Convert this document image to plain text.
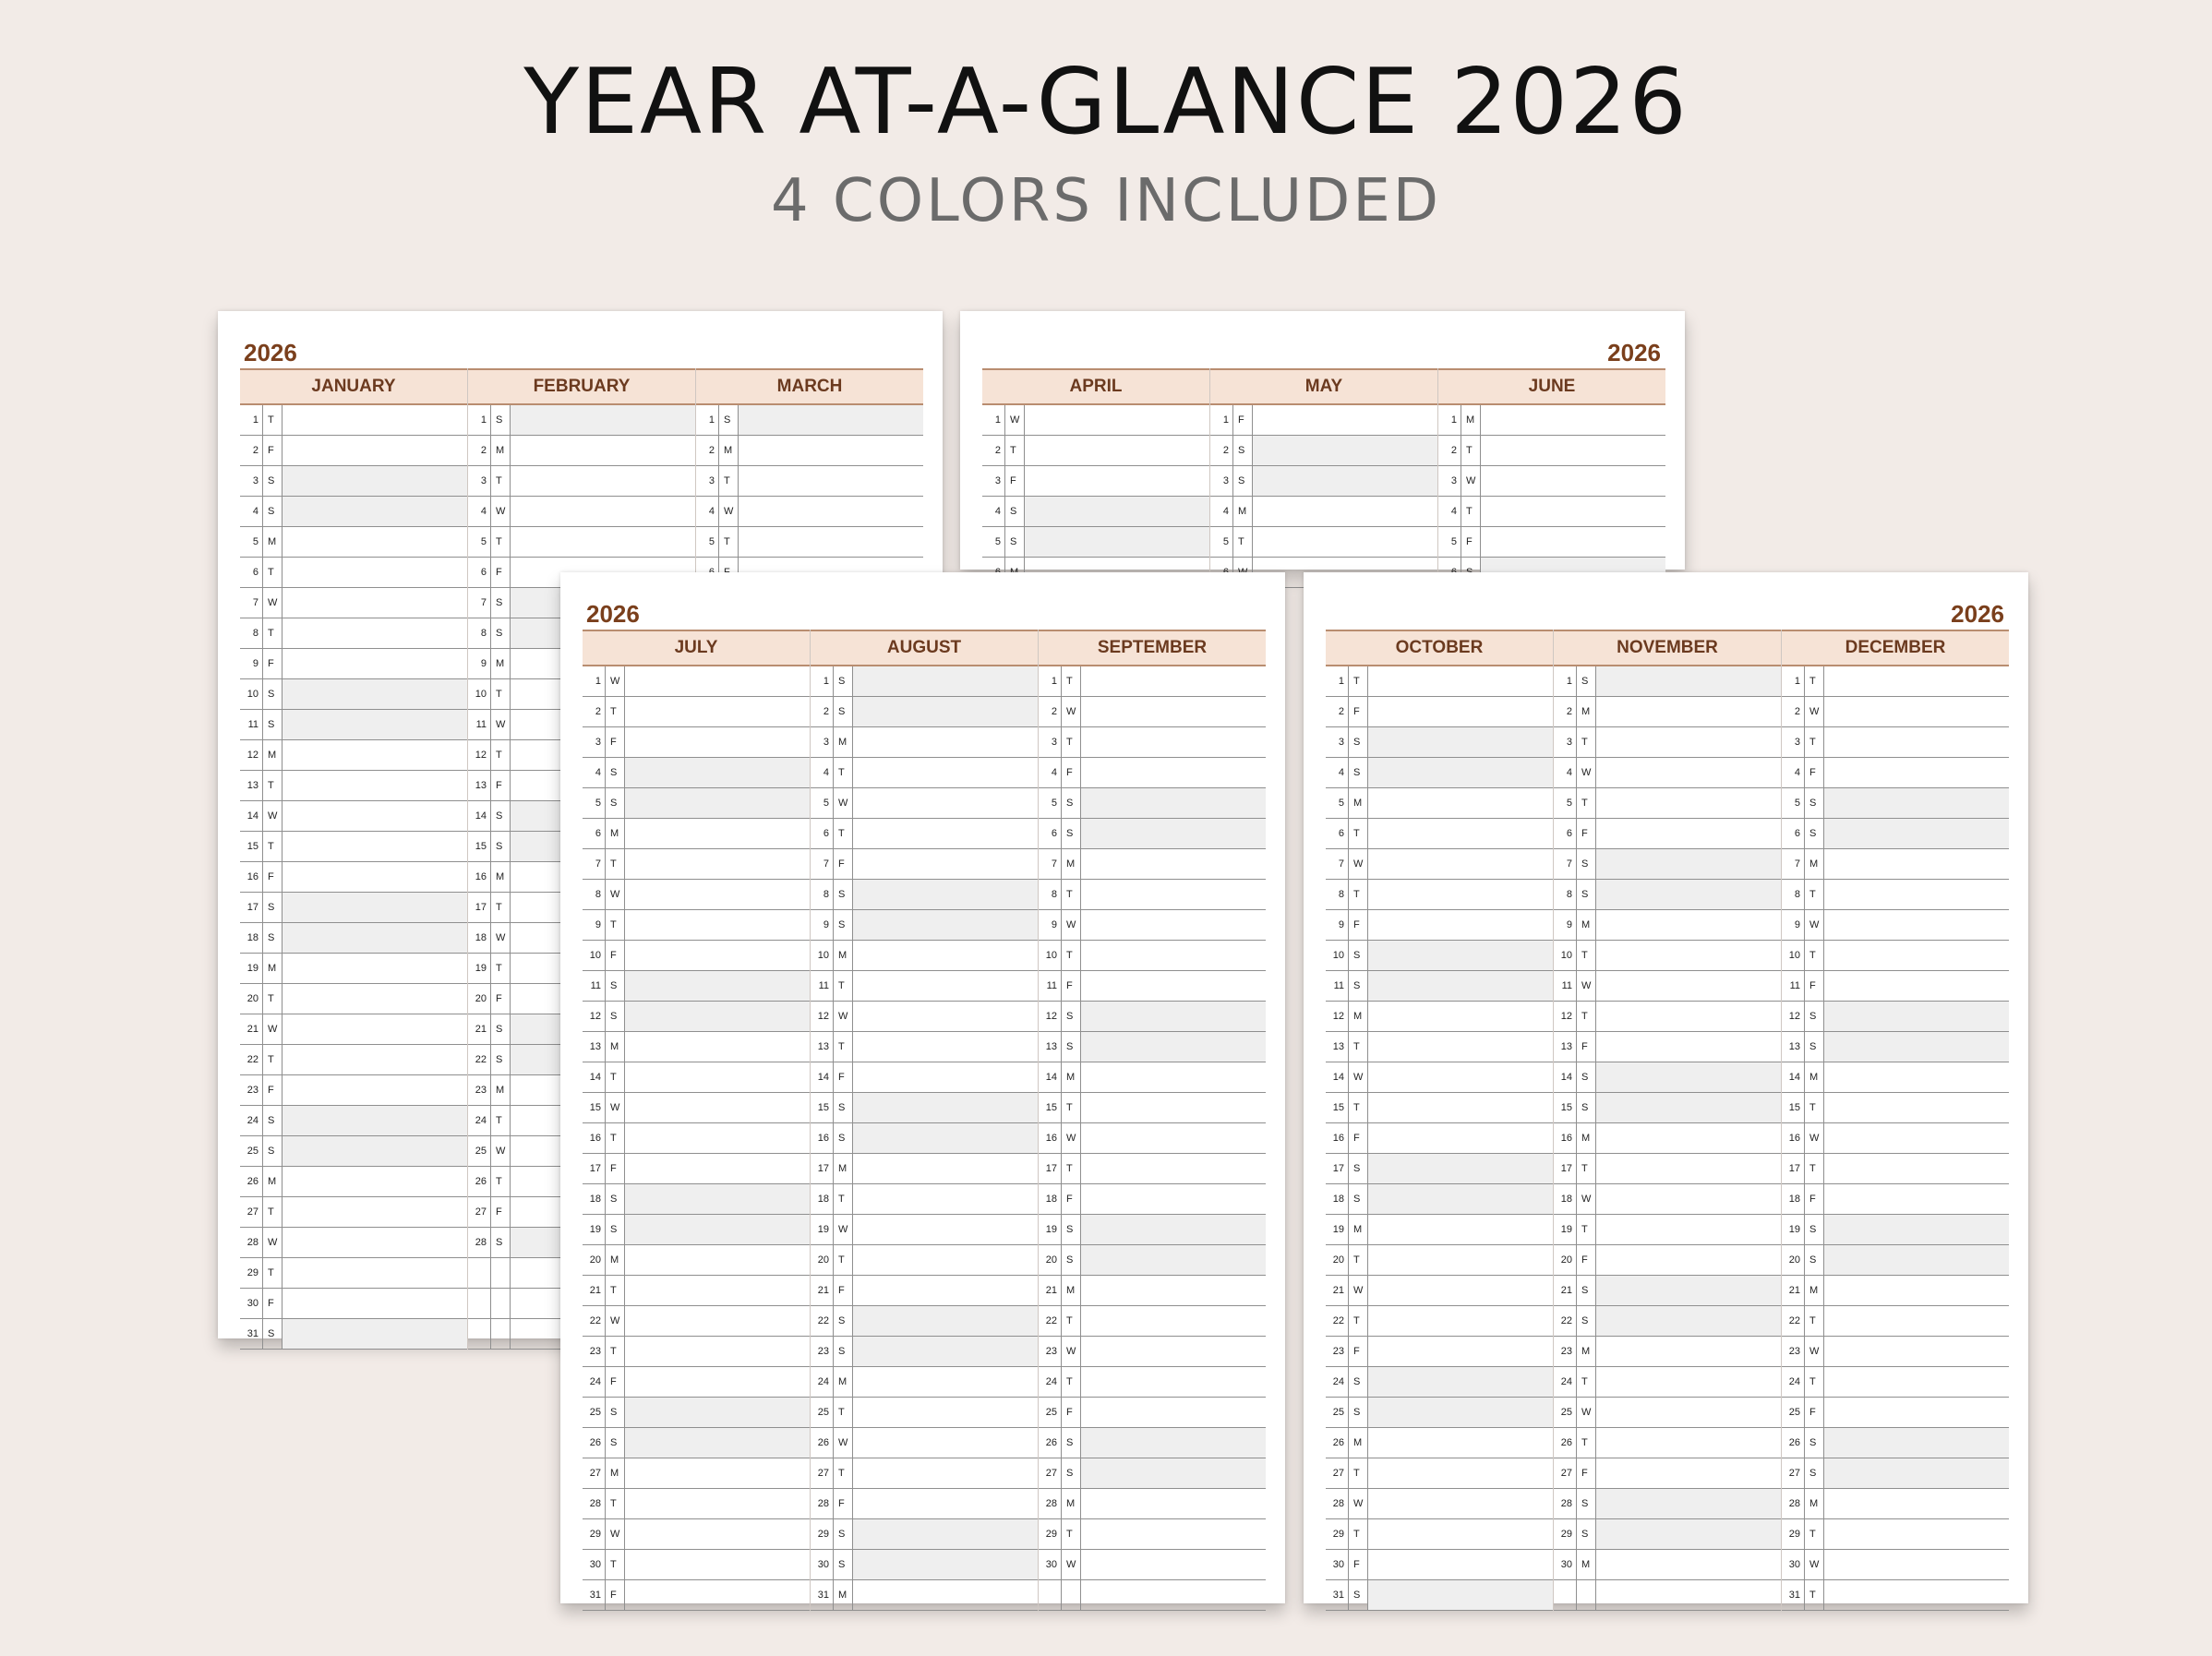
YEAR AT-A-GLANCE 2026
4 COLORS INCLUDED
2026
JANUARY
1 T
2 F
3 S
4 S
5 M
6 T
7 W
8 T
9 F
10 S
11 S
12 M
13 T
14 W
15 T
16 F
17 S
18 S
19 M
20 T
21 W
22 T
23 F
24 S
25 S
26 M
27 T
28 W
29 T
30 F
31 S
FEBRUARY
1 S
2 M
3 T
4 W
5 T
6 F
7 S
8 S
9 M
10 T
11 W
12 T
13 F
14 S
15 S
16 M
17 T
18 W
19 T
20 F
21 S
22 S
23 M
24 T
25 W
26 T
27 F
28 S
MARCH
1 S
2 M
3 T
4 W
5 T
2026
APRIL
1 W
2 T
3 F
4 S
5 S
MAY
1 F
2 S
3 S
4 M
5 T
JUNE
1 M
2 T
3 W
4 T
5 F
2026
JULY
1 W
2 T
3 F
4 S
5 S
6 M
7 T
8 W
9 T
10 F
11 S
12 S
13 M
14 T
15 W
16 T
17 F
18 S
19 S
20 M
21 T
22 W
23 T
24 F
25 S
26 S
27 M
28 T
29 W
30 T
31 F
AUGUST
1 S
2 S
3 M
4 T
5 W
6 T
7 F
8 S
9 S
10 M
11 T
12 W
13 T
14 F
15 S
16 S
17 M
18 T
19 W
20 T
21 F
22 S
23 S
24 M
25 T
26 W
27 T
28 F
29 S
30 S
31 M
SEPTEMBER
1 T
2 W
3 T
4 F
5 S
6 S
7 M
8 T
9 W
10 T
11 F
12 S
13 S
14 M
15 T
16 W
17 T
18 F
19 S
20 S
21 M
22 T
23 W
24 T
25 F
26 S
27 S
28 M
29 T
30 W
2026
OCTOBER
1 T
2 F
3 S
4 S
5 M
6 T
7 W
8 T
9 F
10 S
11 S
12 M
13 T
14 W
15 T
16 F
17 S
18 S
19 M
20 T
21 W
22 T
23 F
24 S
25 S
26 M
27 T
28 W
29 T
30 F
31 S
NOVEMBER
1 S
2 M
3 T
4 W
5 T
6 F
7 S
8 S
9 M
10 T
11 W
12 T
13 F
14 S
15 S
16 M
17 T
18 W
19 T
20 F
21 S
22 S
23 M
24 T
25 W
26 T
27 F
28 S
29 S
30 M
DECEMBER
1 T
2 W
3 T
4 F
5 S
6 S
7 M
8 T
9 W
10 T
11 F
12 S
13 S
14 M
15 T
16 W
17 T
18 F
19 S
20 S
21 M
22 T
23 W
24 T
25 F
26 S
27 S
28 M
29 T
30 W
31 T
